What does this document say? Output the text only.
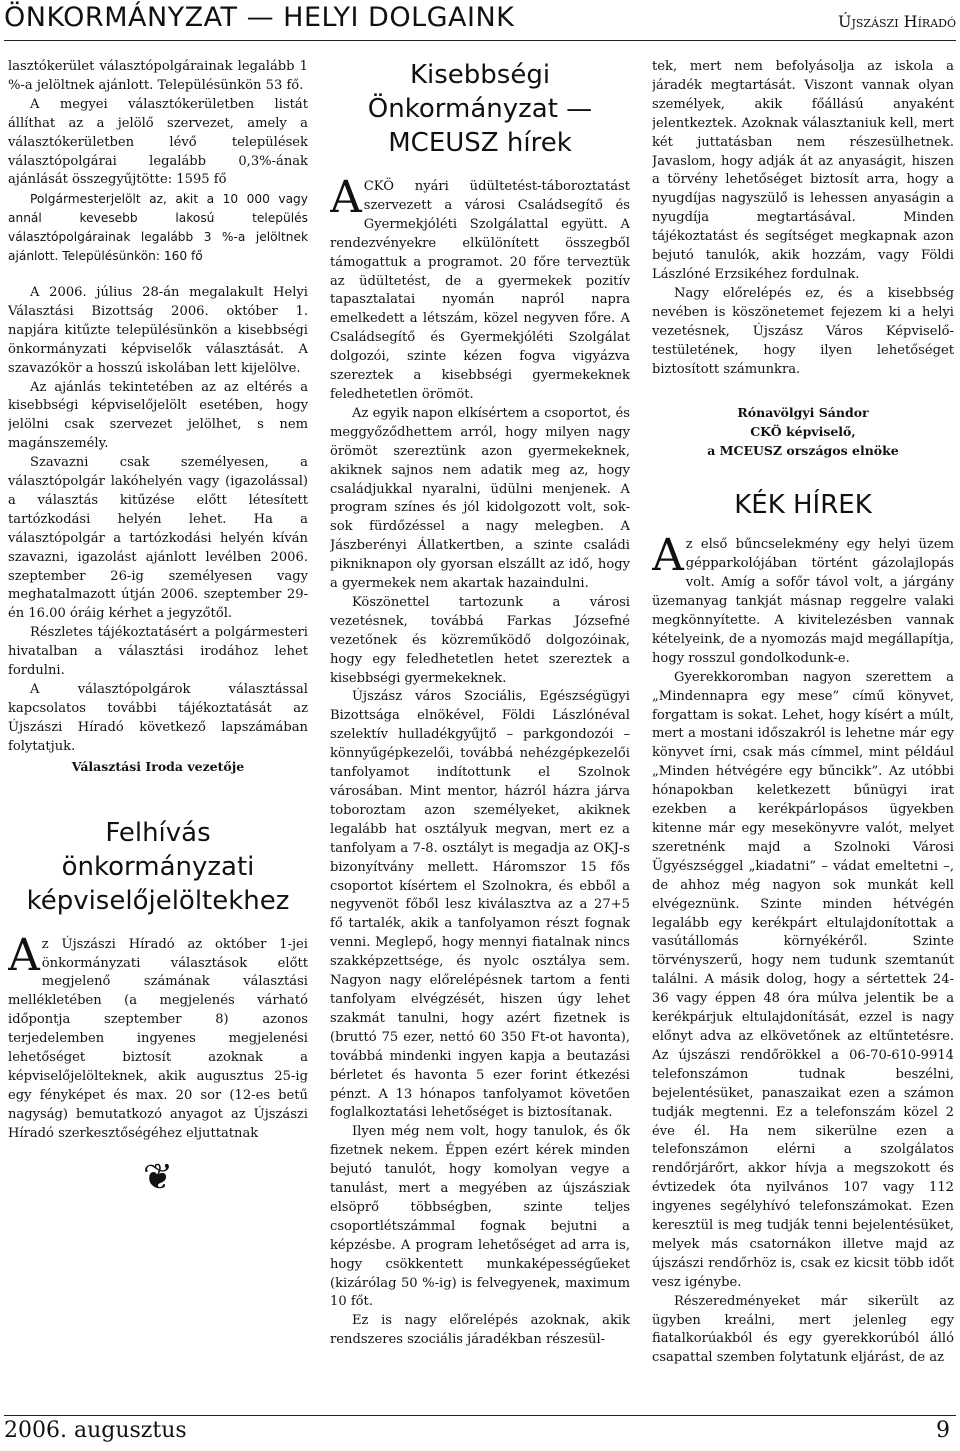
ÖNKORMÁNYZAT — HELYI DOLGAINK	Újszászi Híradó

lasztókerület választópolgárainak legalább 1 %-a jelöltnek ajánlott. Településünkön 53 fő.

A megyei választókerületben listát állíthat az a jelölő szervezet, amely a választókerületben lévő települések választópolgárai legalább 0,3%-ának ajánlását összegyűjtötte: 1595 fő

Polgármesterjelölt az, akit a 10 000 vagy annál kevesebb lakosú település választópolgárainak legalább 3 %-a jelöltnek ajánlott. Településünkön: 160 fő

A 2006. július 28-án megalakult Helyi Választási Bizottság 2006. október 1. napjára kitűzte településünkön a kisebbségi önkormányzati képviselők választását. A szavazókör a hosszú iskolában lett kijelölve.

Az ajánlás tekintetében az az eltérés a kisebbségi képviselőjelölt esetében, hogy jelölni csak szervezet jelölhet, s nem magánszemély.

Szavazni csak személyesen, a választópolgár lakóhelyén vagy (igazolással) a választás kitűzése előtt létesített tartózkodási helyén lehet. Ha a választópolgár a tartózkodási helyén kíván szavazni, igazolást ajánlott levélben 2006. szeptember 26-ig személyesen vagy meghatalmazott útján 2006. szeptember 29-én 16.00 óráig kérhet a jegyzőtől.

Részletes tájékoztatásért a polgármesteri hivatalban a választási irodához lehet fordulni.

A választópolgárok választással kapcsolatos további tájékoztatását az Újszászi Híradó következő lapszámában folytatjuk.

Választási Iroda vezetője

Felhívás önkormányzati képviselőjelöltekhez

Az Újszászi Híradó az október 1-jei önkormányzati választások előtt megjelenő számának választási mellékletében (a megjelenés várható időpontja szeptember 8) azonos terjedelemben ingyenes megjelenési lehetőséget biztosít azoknak a képviselőjelölteknek, akik augusztus 25-ig egy fényképet és max. 20 sor (12-es betű nagyság) bemutatkozó anyagot az Újszászi Híradó szerkesztőségéhez eljuttatnak

❦
Kisebbségi Önkormányzat — MCEUSZ hírek

A CKÖ nyári üdültetést-táboroztatást szervezett a városi Családsegítő és Gyermekjóléti Szolgálattal együtt. A rendezvényekre elkülönített összegből támogattuk a programot. 20 főre terveztük az üdültetést, de a gyermekek pozitív tapasztalatai nyomán napról napra emelkedett a létszám, közel negyven főre. A Családsegítő és Gyermekjóléti Szolgálat dolgozói, szinte kézen fogva vigyázva szereztek a kisebbségi gyermekeknek feledhetetlen örömöt.

Az egyik napon elkísértem a csoportot, és meggyőződhettem arról, hogy milyen nagy örömöt szereztünk azon gyermekeknek, akiknek sajnos nem adatik meg az, hogy családjukkal nyaralni, üdülni menjenek. A program színes és jól kidolgozott volt, sok-sok fürdőzéssel a nagy melegben. A Jászberényi Állatkertben, a szinte családi pikniknapon oly gyorsan elszállt az idő, hogy a gyermekek nem akartak hazaindulni.

Köszönettel tartozunk a városi vezetésnek, továbbá Farkas Józsefné vezetőnek és közreműködő dolgozóinak, hogy egy feledhetetlen hetet szereztek a kisebbségi gyermekeknek.

Újszász város Szociális, Egészségügyi Bizottsága elnökével, Földi Lászlónéval szelektív hulladékgyűjtő – parkgondozói – könnyűgépkezelői, továbbá nehézgépkezelői tanfolyamot indítottunk el Szolnok városában. Mint mentor, házról házra járva toboroztam azon személyeket, akiknek legalább hat osztályuk megvan, mert ez a tanfolyam a 7-8. osztályt is megadja az OKJ-s bizonyítvány mellett. Háromszor 15 fős csoportot kísértem el Szolnokra, és ebből a negyvenöt főből lesz kiválasztva az a 27+5 fő tartalék, akik a tanfolyamon részt fognak venni. Meglepő, hogy mennyi fiatalnak nincs szakképzettsége, és nyolc osztálya sem. Nagyon nagy előrelépésnek tartom a fenti tanfolyam elvégzését, hiszen úgy lehet szakmát tanulni, hogy azért fizetnek is (bruttó 75 ezer, nettó 60 350 Ft-ot havonta), továbbá mindenki ingyen kapja a beutazási bérletet és havonta 5 ezer forint étkezési pénzt. A 13 hónapos tanfolyamot követően foglalkoztatási lehetőséget is biztosítanak.

Ilyen még nem volt, hogy tanulok, és ők fizetnek nekem. Éppen ezért kérek minden bejutó tanulót, hogy komolyan vegye a tanulást, mert a megyében az újszásziak elsöprő többségben, szinte teljes csoportlétszámmal fognak bejutni a képzésbe. A program lehetőséget ad arra is, hogy csökkentett munkaképességűeket (kizárólag 50 %-ig) is felvegyenek, maximum 10 főt.

Ez is nagy előrelépés azoknak, akik rendszeres szociális járadékban részesül-

tek, mert nem befolyásolja az iskola a járadék megtartását. Viszont vannak olyan személyek, akik főállású anyaként jelentkeztek. Azoknak választaniuk kell, mert két juttatásban nem részesülhetnek. Javaslom, hogy adják át az anyaságit, hiszen a törvény lehetőséget biztosít arra, hogy a nyugdíjas nagyszülő is lehessen anyaságin a nyugdíja megtartásával. Minden tájékoztatást és segítséget megkapnak azon bejutó tanulók, akik hozzám, vagy Földi Lászlóné Erzsikéhez fordulnak.

Nagy előrelépés ez, és a kisebbség nevében is köszönetemet fejezem ki a helyi vezetésnek, Újszász Város Képviselő-testületének, hogy ilyen lehetőséget biztosított számunkra.

Rónavölgyi Sándor
CKÖ képviselő,
a MCEUSZ országos elnöke
KÉK HÍREK

Az első bűncselekmény egy helyi üzem gépparkolójában történt gázolajlopás volt. Amíg a sofőr távol volt, a járgány üzemanyag tankját másnap reggelre valaki megkönnyítette. A kivitelezésben vannak kételyeink, de a nyomozás majd megállapítja, hogy rosszul gondolkodunk-e.

Gyerekkoromban nagyon szerettem a „Mindennapra egy mese” című könyvet, forgattam is sokat. Lehet, hogy kísért a múlt, mert a mostani időszakról is lehetne már egy könyvet írni, csak más címmel, mint például „Minden hétvégére egy bűncikk”. Az utóbbi hónapokban keletkezett bűnügyi irat ezekben a kerékpárlopásos ügyekben kitenne már egy mesekönyvre valót, melyet szeretnénk majd a Szolnoki Városi Ügyészséggel „kiadatni” – vádat emeltetni –, de ahhoz még nagyon sok munkát kell elvégeznünk. Szinte minden hétvégén legalább egy kerékpárt eltulajdonítottak a vasútállomás környékéről. Szinte törvényszerű, hogy nem tudunk szemtanút találni. A másik dolog, hogy a sértettek 24-36 vagy éppen 48 óra múlva jelentik be a kerékpárjuk eltulajdonítását, ezzel is nagy előnyt adva az elkövetőnek az eltűntetésre. Az újszászi rendőrökkel a 06-70-610-9914 telefonszámon tudnak beszélni, bejelentésüket, panaszaikat ezen a számon tudják megtenni. Ez a telefonszám közel 2 éve él. Ha nem sikerülne ezen a telefonszámon elérni a szolgálatos rendőrjárőrt, akkor hívja a megszokott és évtizedek óta nyilvános 107 vagy 112 ingyenes segélyhívó telefonszámokat. Ezen keresztül is meg tudják tenni bejelentésüket, melyek más csatornákon illetve majd az újszászi rendőrhöz is, csak ez kicsit több időt vesz igénybe.

Részeredményeket már sikerült az ügyben kreálni, mert jelenleg egy fiatalkorúakból és egy gyerekkorúból álló csapattal szemben folytatunk eljárást, de az

2006. augusztus	9
